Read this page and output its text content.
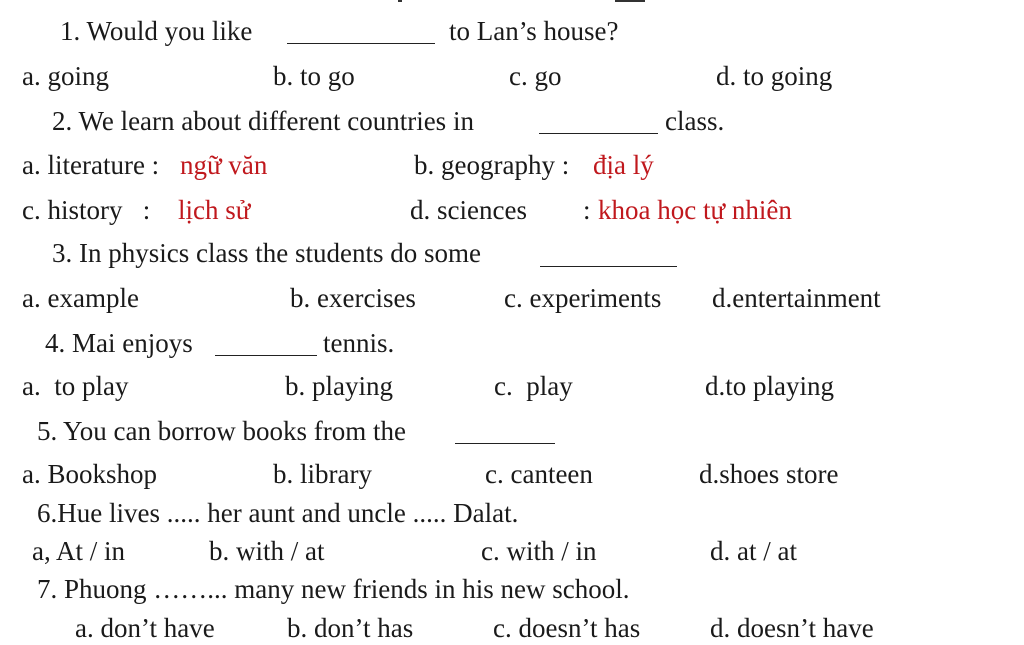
1. Would you like	to Lan’s house?
a. going	b. to go	c. go	d. to going
2. We learn about different countries in	class.
a. literature : ngữ văn	b. geography : địa lý
c. history   : lịch sử	d. sciences : khoa học tự nhiên
3. In physics class the students do some
a. example	b. exercises	c. experiments d.entertainment
4. Mai enjoys	tennis.
a.  to play	b. playing	c.  play	d.to playing
5. You can borrow books from the
a. Bookshop	b. library	c. canteen	d.shoes store
6.Hue lives ..... her aunt and uncle ..... Dalat.
a, At / in	b. with / at	c. with / in	d. at / at
7. Phuong ……... many new friends in his new school.
a. don’t have	b. don’t has	c. doesn’t has	d. doesn’t have
